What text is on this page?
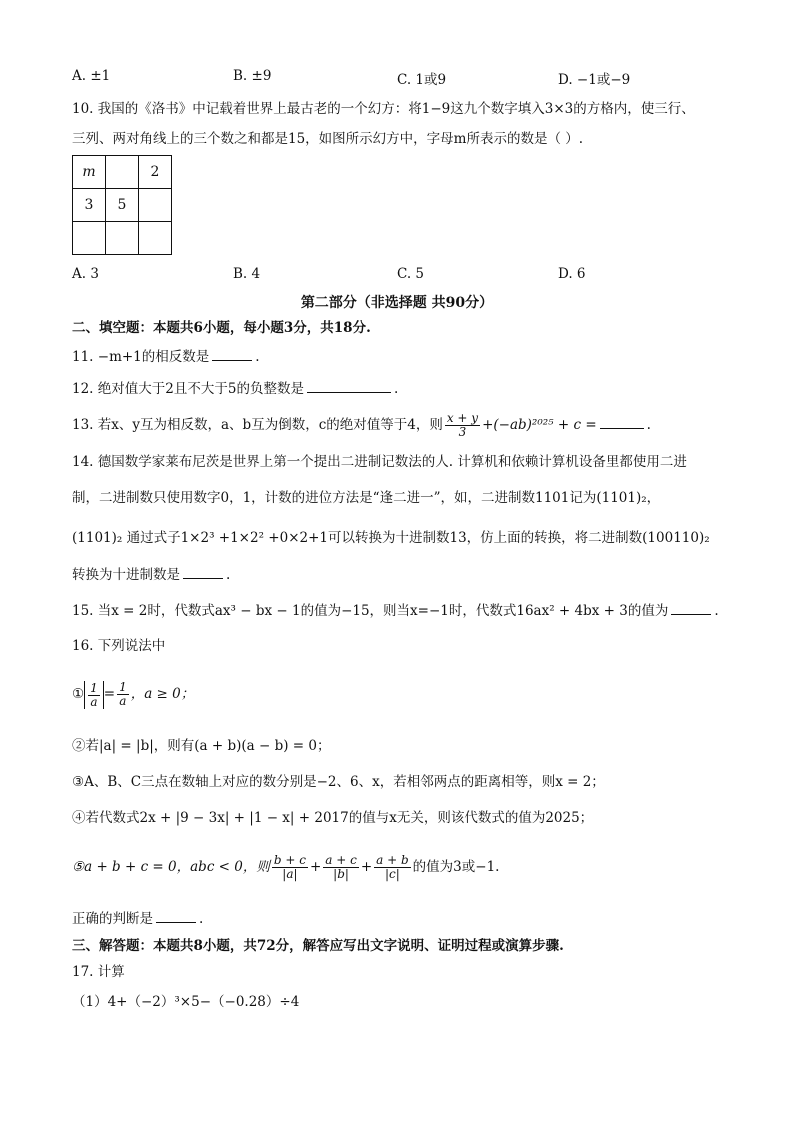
A. ±1	B. ±9	C. 1或9	D. −1或−9
10. 我国的《洛书》中记载着世界上最古老的一个幻方：将1−9这九个数字填入3×3的方格内，使三行、
三列、两对角线上的三个数之和都是15，如图所示幻方中，字母m所表示的数是（ ）.
m		2
3	5	

A. 3	B. 4	C. 5	D. 6
第二部分（非选择题 共90分）
二、填空题：本题共6小题，每小题3分，共18分.
11. −m+1的相反数是	.
12. 绝对值大于2且不大于5的负整数是	.
13. 若x、y互为相反数，a、b互为倒数，c的绝对值等于4，则 $\frac{x + y}{3} +(-ab)^{2025} + c$ =	.
14. 德国数学家莱布尼茨是世界上第一个提出二进制记数法的人. 计算机和依赖计算机设备里都使用二进
制，二进制数只使用数字0，1，计数的进位方法是“逢二进一”，如，二进制数1101记为(1101)₂，
(1101)₂ 通过式子1×2³ +1×2² +0×2+1可以转换为十进制数13，仿上面的转换，将二进制数(100110)₂
转换为十进制数是	.
15. 当x = 2时，代数式ax³ − bx − 1的值为−15，则当x=−1时，代数式16ax² + 4bx + 3的值为	.
16. 下列说法中
① $\frac{1}{a} = \frac{1}{a}$ ，a ≥ 0；
②若|a| = |b|，则有(a + b)(a − b) = 0；
③A、B、C三点在数轴上对应的数分别是−2、6、x，若相邻两点的距离相等，则x = 2；
④若代数式2x + |9 − 3x| + |1 − x| + 2017的值与x无关，则该代数式的值为2025；
⑤a + b + c = 0，abc < 0，则 $\frac{b + c}{|a|} + \frac{a + c}{|b|} + \frac{a + b}{|c|}$ 的值为3或−1.
正确的判断是	.
三、解答题：本题共8小题，共72分，解答应写出文字说明、证明过程或演算步骤.
17. 计算
（1）4+（−2）³×5−（−0.28）÷4
